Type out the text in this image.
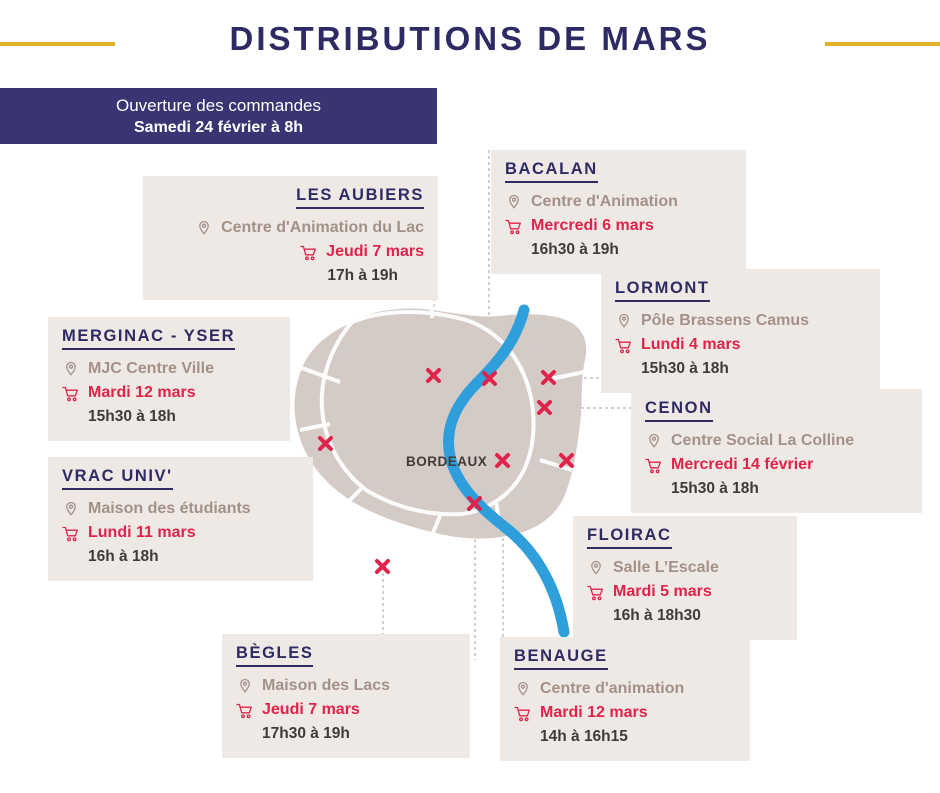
DISTRIBUTIONS DE MARS
Ouverture des commandes
Samedi 24 février à 8h
BORDEAUX
LES AUBIERS
Centre d'Animation du Lac
Jeudi 7 mars
17h à 19h
BACALAN
Centre d'Animation
Mercredi 6 mars
16h30 à 19h
LORMONT
Pôle Brassens Camus
Lundi 4 mars
15h30 à 18h
MERGINAC - YSER
MJC Centre Ville
Mardi 12 mars
15h30 à 18h	CENON
Centre Social La Colline
Mercredi 14 février
15h30 à 18h
VRAC UNIV'
Maison des étudiants
Lundi 11 mars
16h à 18h
FLOIRAC
Salle L’Escale
Mardi 5 mars
16h à 18h30
BÈGLES
Maison des Lacs
Jeudi 7 mars
17h30 à 19h
BENAUGE
Centre d'animation
Mardi 12 mars
14h à 16h15
